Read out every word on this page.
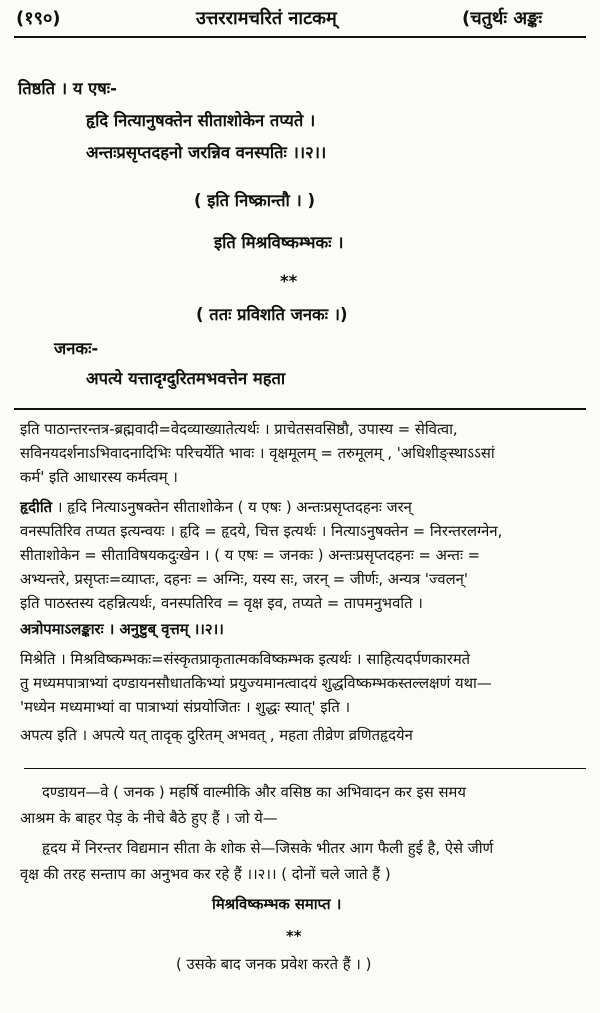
(१९०)	उत्तररामचरितं नाटकम्	(चतुर्थः अङ्कः
तिष्ठति । य एषः-
हृदि नित्यानुषक्तेन सीताशोकेन तप्यते ।
अन्तःप्रसृप्तदहनो जरन्निव वनस्पतिः ।।२।।
( इति निष्क्रान्तौ । )
इति मिश्रविष्कम्भकः ।
**
( ततः प्रविशति जनकः ।)
जनकः-
अपत्ये यत्तादृग्दुरितमभवत्तेन महता
इति पाठान्तरन्तत्र-ब्रह्मवादी=वेदव्याख्यातेत्यर्थः । प्राचेतसवसिष्ठौ, उपास्य = सेवित्वा,
सविनयदर्शनाऽभिवादनादिभिः परिचर्येति भावः । वृक्षमूलम् = तरुमूलम् , 'अधिशीङ्स्थाऽऽसां
कर्म' इति आधारस्य कर्मत्वम् ।
हृदीति । हृदि नित्याऽनुषक्तेन सीताशोकेन ( य एषः ) अन्तःप्रसृप्तदहनः जरन्
वनस्पतिरिव तप्यत इत्यन्वयः । हृदि = हृदये, चित्त इत्यर्थः । नित्याऽनुषक्तेन = निरन्तरलग्नेन,
सीताशोकेन = सीताविषयकदुःखेन । ( य एषः = जनकः ) अन्तःप्रसृप्तदहनः = अन्तः =
अभ्यन्तरे, प्रसृप्तः=व्याप्तः, दहनः = अग्निः, यस्य सः, जरन् = जीर्णः, अन्यत्र 'ज्वलन्'
इति पाठस्तस्य दहन्नित्यर्थः, वनस्पतिरिव = वृक्ष इव, तप्यते = तापमनुभवति ।
अत्रोपमाऽलङ्कारः । अनुष्टुब् वृत्तम् ।।२।।
मिश्रेति । मिश्रविष्कम्भकः=संस्कृतप्राकृतात्मकविष्कम्भक इत्यर्थः । साहित्यदर्पणकारमते
तु मध्यमपात्राभ्यां दण्डायनसौधातकिभ्यां प्रयुज्यमानत्वादयं शुद्धविष्कम्भकस्तल्लक्षणं यथा—
'मध्येन मध्यमाभ्यां वा पात्राभ्यां संप्रयोजितः । शुद्धः स्यात्' इति ।
अपत्य इति । अपत्ये यत् तादृक् दुरितम् अभवत् , महता तीव्रेण व्रणितहृदयेन
दण्डायन—वे ( जनक ) महर्षि वाल्मीकि और वसिष्ठ का अभिवादन कर इस समय
आश्रम के बाहर पेड़ के नीचे बैठे हुए हैं । जो ये—
हृदय में निरन्तर विद्यमान सीता के शोक से—जिसके भीतर आग फैली हुई है, ऐसे जीर्ण
वृक्ष की तरह सन्ताप का अनुभव कर रहे हैं ।।२।। ( दोनों चले जाते हैं )
मिश्रविष्कम्भक समाप्त ।
**
( उसके बाद जनक प्रवेश करते हैं । )
